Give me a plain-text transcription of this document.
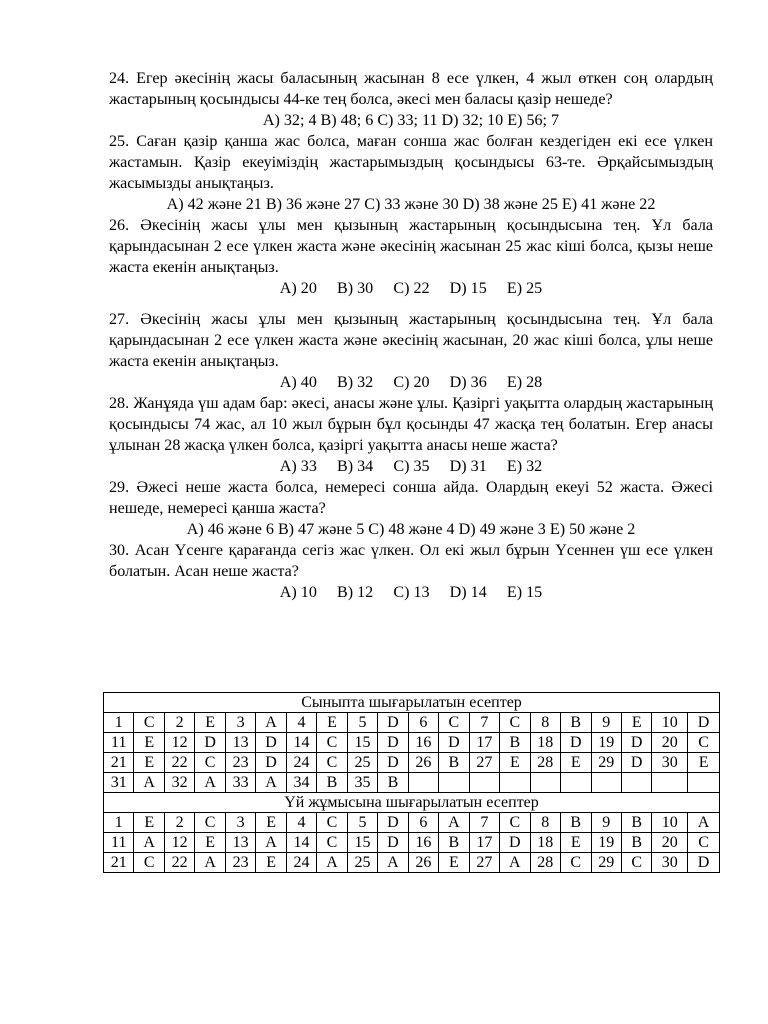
24. Егер әкесінің жасы баласының жасынан 8 есе үлкен, 4 жыл өткен соң олардың жастарының қосындысы 44-ке тең болса, әкесі мен баласы қазір нешеде?

A) 32; 4 B) 48; 6 C) 33; 11 D) 32; 10 E) 56; 7

25. Саған қазір қанша жас болса, маған сонша жас болған кездегіден екі есе үлкен жастамын. Қазір екеуіміздің жастарымыздың қосындысы 63-те. Әрқайсымыздың жасымызды анықтаңыз.

A) 42 және 21 B) 36 және 27 C) 33 және 30 D) 38 және 25 E) 41 және 22

26. Әкесінің жасы ұлы мен қызының жастарының қосындысына тең. Ұл бала қарындасынан 2 есе үлкен жаста және әкесінің жасынан 25 жас кіші болса, қызы неше жаста екенін анықтаңыз.

A) 20     B) 30     C) 22     D) 15     E) 25

27. Әкесінің жасы ұлы мен қызының жастарының қосындысына тең. Ұл бала қарындасынан 2 есе үлкен жаста және әкесінің жасынан, 20 жас кіші болса, ұлы неше жаста екенін анықтаңыз.

A) 40     B) 32     C) 20     D) 36     E) 28

28. Жанұяда үш адам бар: әкесі, анасы және ұлы. Қазіргі уақытта олардың жастарының қосындысы 74 жас, ал 10 жыл бұрын бұл қосынды 47 жасқа тең болатын. Егер анасы ұлынан 28 жасқа үлкен болса, қазіргі уақытта анасы неше жаста?

A) 33     B) 34     C) 35     D) 31     E) 32

29. Әжесі неше жаста болса, немересі сонша айда. Олардың екеуі 52 жаста. Әжесі нешеде, немересі қанша жаста?

A) 46 және 6 B) 47 және 5 C) 48 және 4 D) 49 және 3 E) 50 және 2

30. Асан Үсенге қарағанда сегіз жас үлкен. Ол екі жыл бұрын Үсеннен үш есе үлкен болатын. Асан неше жаста?

A) 10     B) 12     C) 13     D) 14     E) 15

Сыныпта шығарылатын есептер																			
1	C	2	E	3	A	4	E	5	D	6	C	7	C	8	B	9	E	10	D
11	E	12	D	13	D	14	C	15	D	16	D	17	B	18	D	19	D	20	C
21	E	22	C	23	D	24	C	25	D	26	B	27	E	28	E	29	D	30	E
31	A	32	A	33	A	34	B	35	B										
Үй жұмысына шығарылатын есептер																			
1	E	2	C	3	E	4	C	5	D	6	A	7	C	8	B	9	B	10	A
11	A	12	E	13	A	14	C	15	D	16	B	17	D	18	E	19	B	20	C
21	C	22	A	23	E	24	A	25	A	26	E	27	A	28	C	29	C	30	D
